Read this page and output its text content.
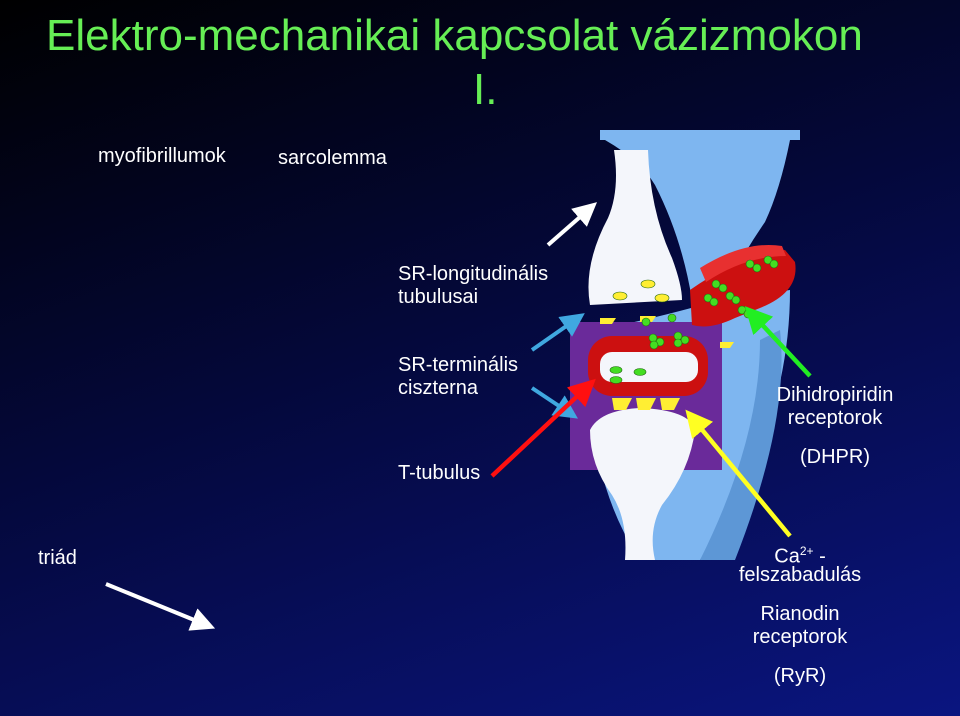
Elektro-mechanikai kapcsolat vázizmokon
I.
myofibrillumok	sarcolemma
SR-longitudinális
tubulusai
SR-terminális
ciszterna
T-tubulus
triád
Dihidropiridin
receptorok
(DHPR)
$Ca^{2+}$ -
felszabadulás
Rianodin
receptorok
(RyR)
